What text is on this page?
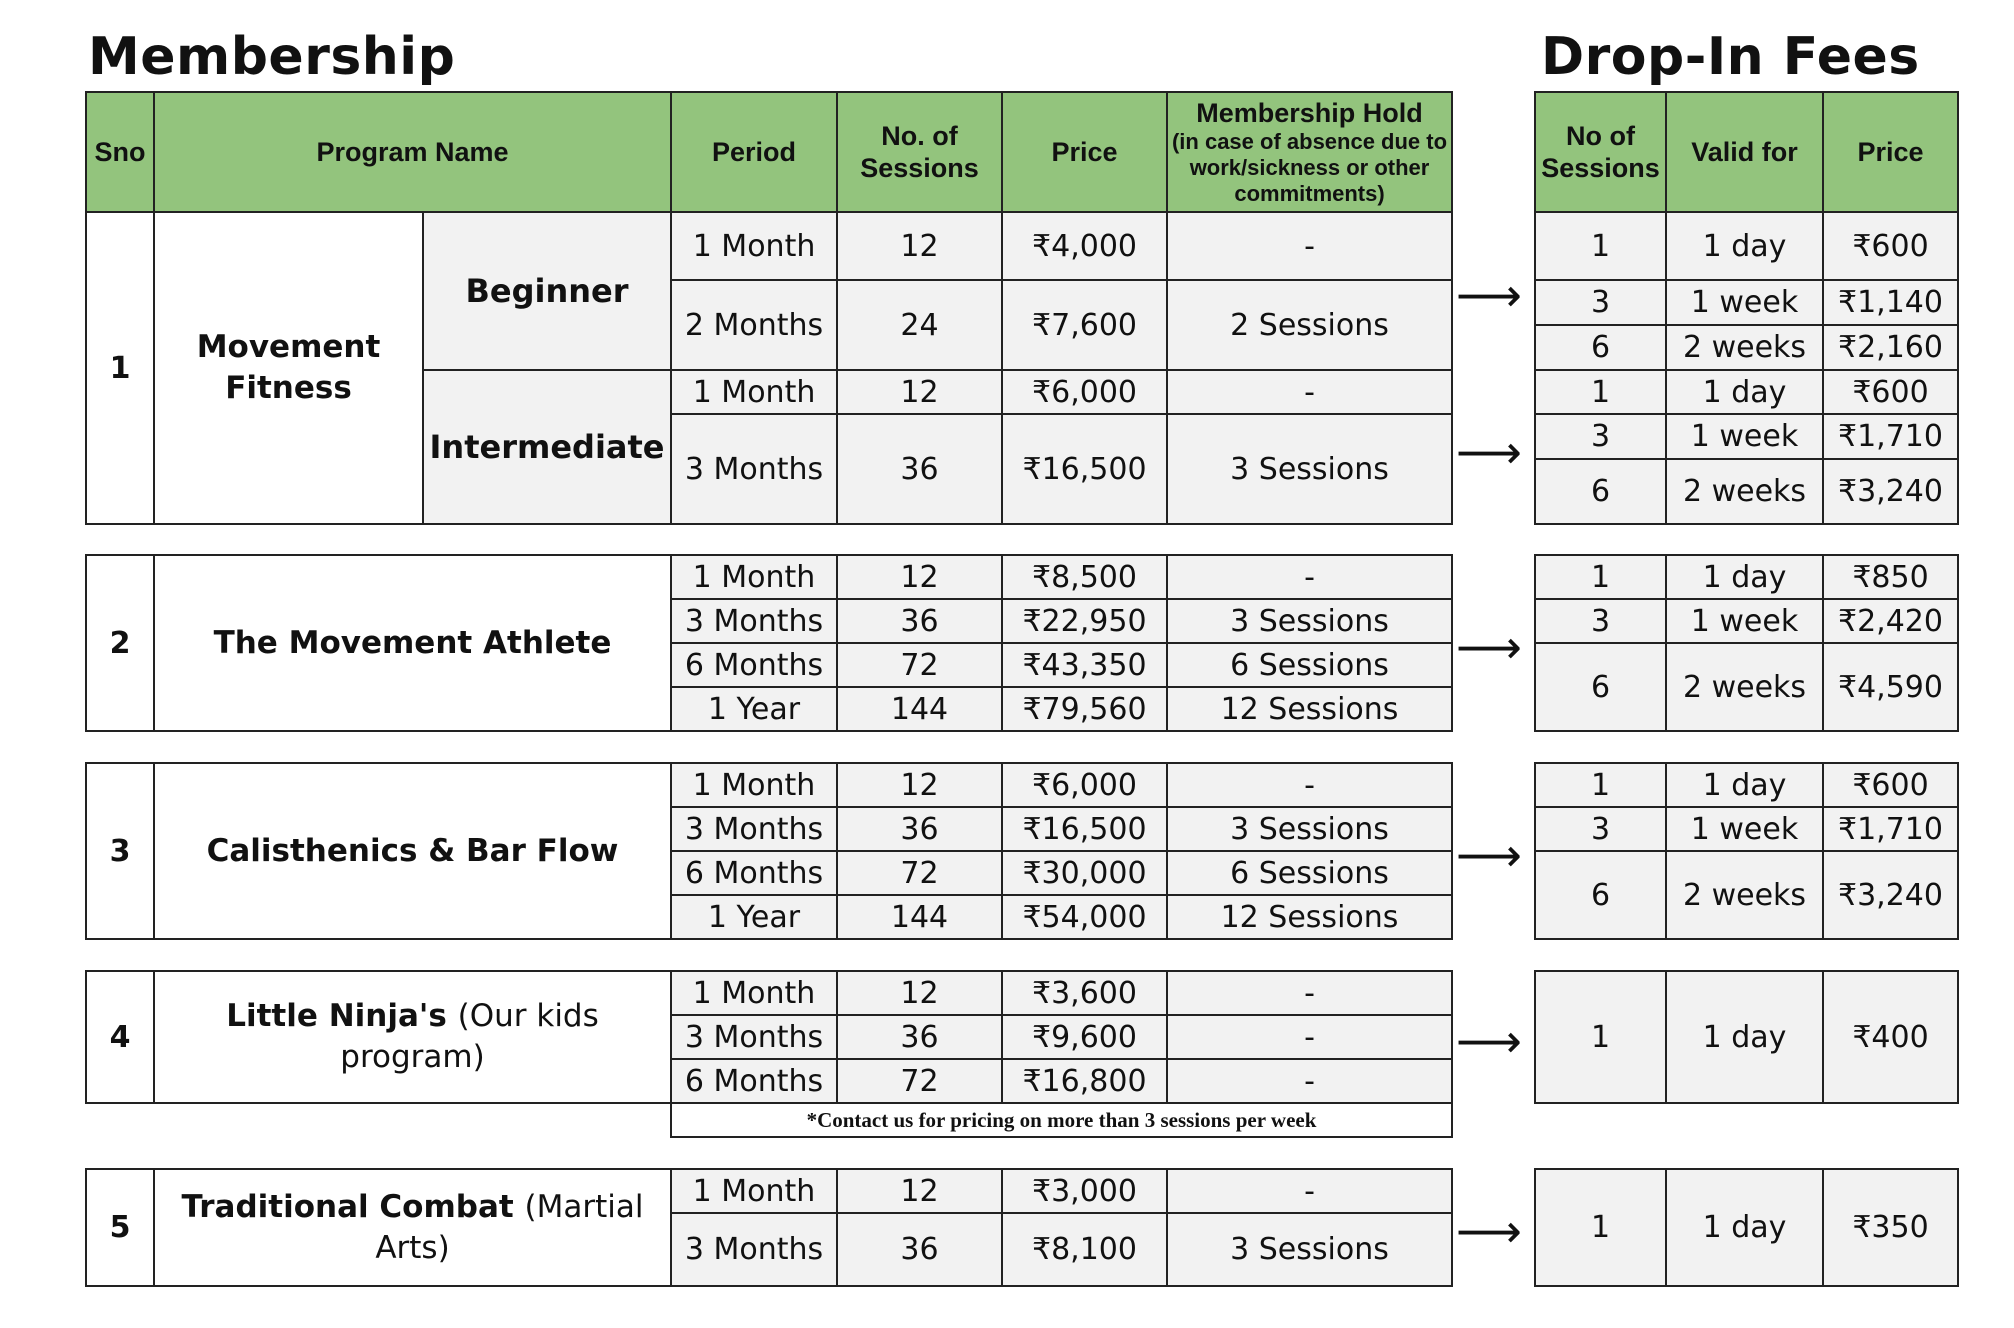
Membership	Drop-In Fees
Sno	Program Name		Period	No. of Sessions	Price	Membership Hold
(in case of absence due to work/sickness or other commitments)

1	Movement Fitness	Beginner	1 Month	12	₹4,000	-
			2 Months	24	₹7,600	2 Sessions
		Intermediate	1 Month	12	₹6,000	-
			3 Months	36	₹16,500	3 Sessions
No of Sessions	Valid for	Price
1	1 day	₹600
3	1 week	₹1,140
6	2 weeks	₹2,160
1	1 day	₹600
3	1 week	₹1,710
6	2 weeks	₹3,240
⟶
⟶
2	The Movement Athlete	1 Month	12	₹8,500	-
		3 Months	36	₹22,950	3 Sessions
		6 Months	72	₹43,350	6 Sessions
		1 Year	144	₹79,560	12 Sessions
1	1 day	₹850
3	1 week	₹2,420
6	2 weeks	₹4,590
⟶
3	Calisthenics & Bar Flow	1 Month	12	₹6,000	-
		3 Months	36	₹16,500	3 Sessions
		6 Months	72	₹30,000	6 Sessions
		1 Year	144	₹54,000	12 Sessions
1	1 day	₹600
3	1 week	₹1,710
6	2 weeks	₹3,240
⟶
4	Little Ninja's (Our kids program)	1 Month	12	₹3,600	-
		3 Months	36	₹9,600	-
		6 Months	72	₹16,800	-
		*Contact us for pricing on more than 3 sessions per week			
1	1 day	₹400
⟶
5	Traditional Combat (Martial Arts)	1 Month	12	₹3,000	-
		3 Months	36	₹8,100	3 Sessions
1	1 day	₹350
⟶
